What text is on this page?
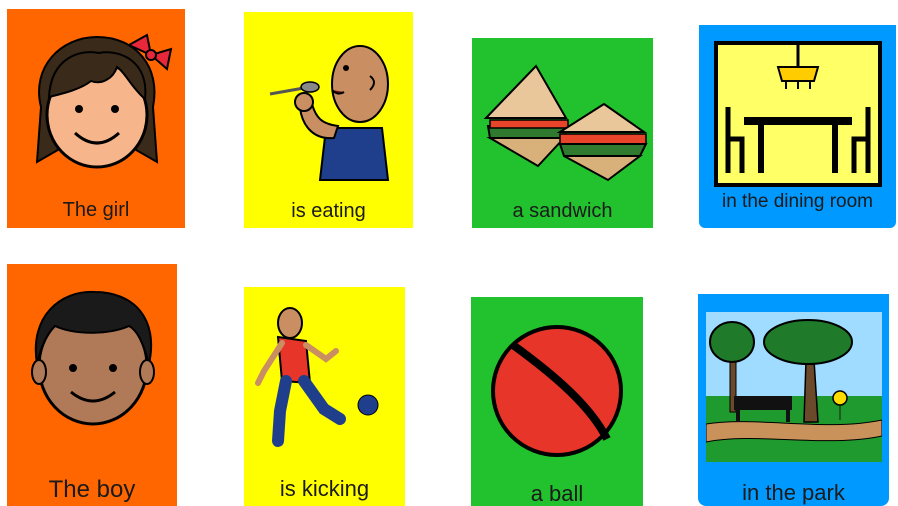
The girl	is eating	a sandwich	in the dining room
The boy	is kicking	a ball	in the park
